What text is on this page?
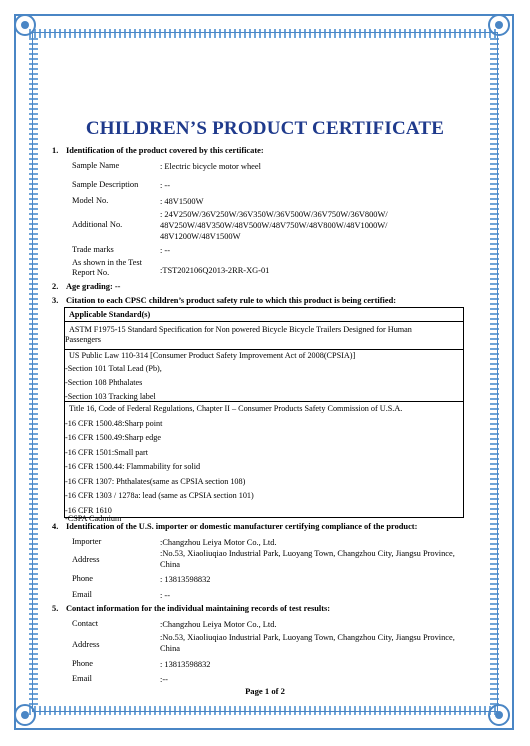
CHILDREN’S PRODUCT CERTIFICATE
1. Identification of the product covered by this certificate:
Sample Name	: Electric bicycle motor wheel
Sample Description	: --
Model No.	: 48V1500W
Additional No.
: 24V250W/36V250W/36V350W/36V500W/36V750W/36V800W/ 48V250W/48V350W/48V500W/48V750W/48V800W/48V1000W/ 48V1200W/48V1500W
Trade marks	: --
As shown in the Test Report No.	:TST202106Q2013-2RR-XG-01
2. Age grading: --
3. Citation to each CPSC children’s product safety rule to which this product is being certified:
Applicable Standard(s)
ASTM F1975-15 Standard Specification for Non powered Bicycle Bicycle Trailers Designed for Human
Passengers
US Public Law 110-314 [Consumer Product Safety Improvement Act of 2008(CPSIA)]
-Section 101 Total Lead (Pb),
-Section 108 Phthalates
-Section 103 Tracking label
Title 16, Code of Federal Regulations, Chapter II – Consumer Products Safety Commission of U.S.A.
-16 CFR 1500.48:Sharp point
-16 CFR 1500.49:Sharp edge
-16 CFR 1501:Small part
-16 CFR 1500.44: Flammability for solid
-16 CFR 1307: Phthalates(same as CPSIA section 108)
-16 CFR 1303 / 1278a: lead (same as CPSIA section 101)
-16 CFR 1610
-CSPA Cadmium
4. Identification of the U.S. importer or domestic manufacturer certifying compliance of the product:
Importer	:Changzhou Leiya Motor Co., Ltd.
Address
:No.53, Xiaoliuqiao Industrial Park, Luoyang Town, Changzhou City, Jiangsu Province, China
Phone	: 13813598832
Email	: --
5. Contact information for the individual maintaining records of test results:
Contact	:Changzhou Leiya Motor Co., Ltd.
Address
:No.53, Xiaoliuqiao Industrial Park, Luoyang Town, Changzhou City, Jiangsu Province, China
Phone	: 13813598832
Email	:--
Page 1 of 2
